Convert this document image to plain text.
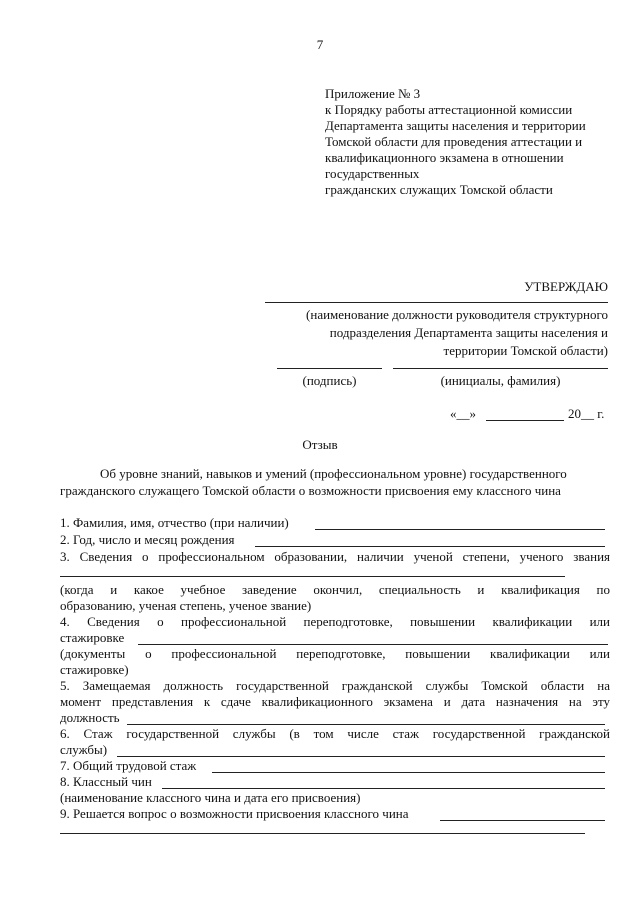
7
Приложение № 3
к Порядку работы аттестационной комиссии
Департамента защиты населения и территории
Томской области для проведения аттестации и
квалификационного экзамена в отношении
государственных
гражданских служащих Томской области
УТВЕРЖДАЮ
(наименование должности руководителя структурного
подразделения Департамента защиты населения и
территории Томской области)
(подпись)	(инициалы, фамилия)
«__»	20__ г.
Отзыв
Об уровне знаний, навыков и умений (профессиональном уровне) государственного
гражданского служащего Томской области о возможности присвоения ему классного чина
1. Фамилия, имя, отчество (при наличии)
2. Год, число и месяц рождения
3. Сведения о профессиональном образовании, наличии ученой степени, ученого звания
(когда и какое учебное заведение окончил, специальность и квалификация по
образованию, ученая степень, ученое звание)
4. Сведения о профессиональной переподготовке, повышении квалификации или
стажировке
(документы о профессиональной переподготовке, повышении квалификации или
стажировке)
5. Замещаемая должность государственной гражданской службы Томской области на
момент представления к сдаче квалификационного экзамена и дата назначения на эту
должность
6. Стаж государственной службы (в том числе стаж государственной гражданской
службы)
7. Общий трудовой стаж
8. Классный чин
(наименование классного чина и дата его присвоения)
9. Решается вопрос о возможности присвоения классного чина
